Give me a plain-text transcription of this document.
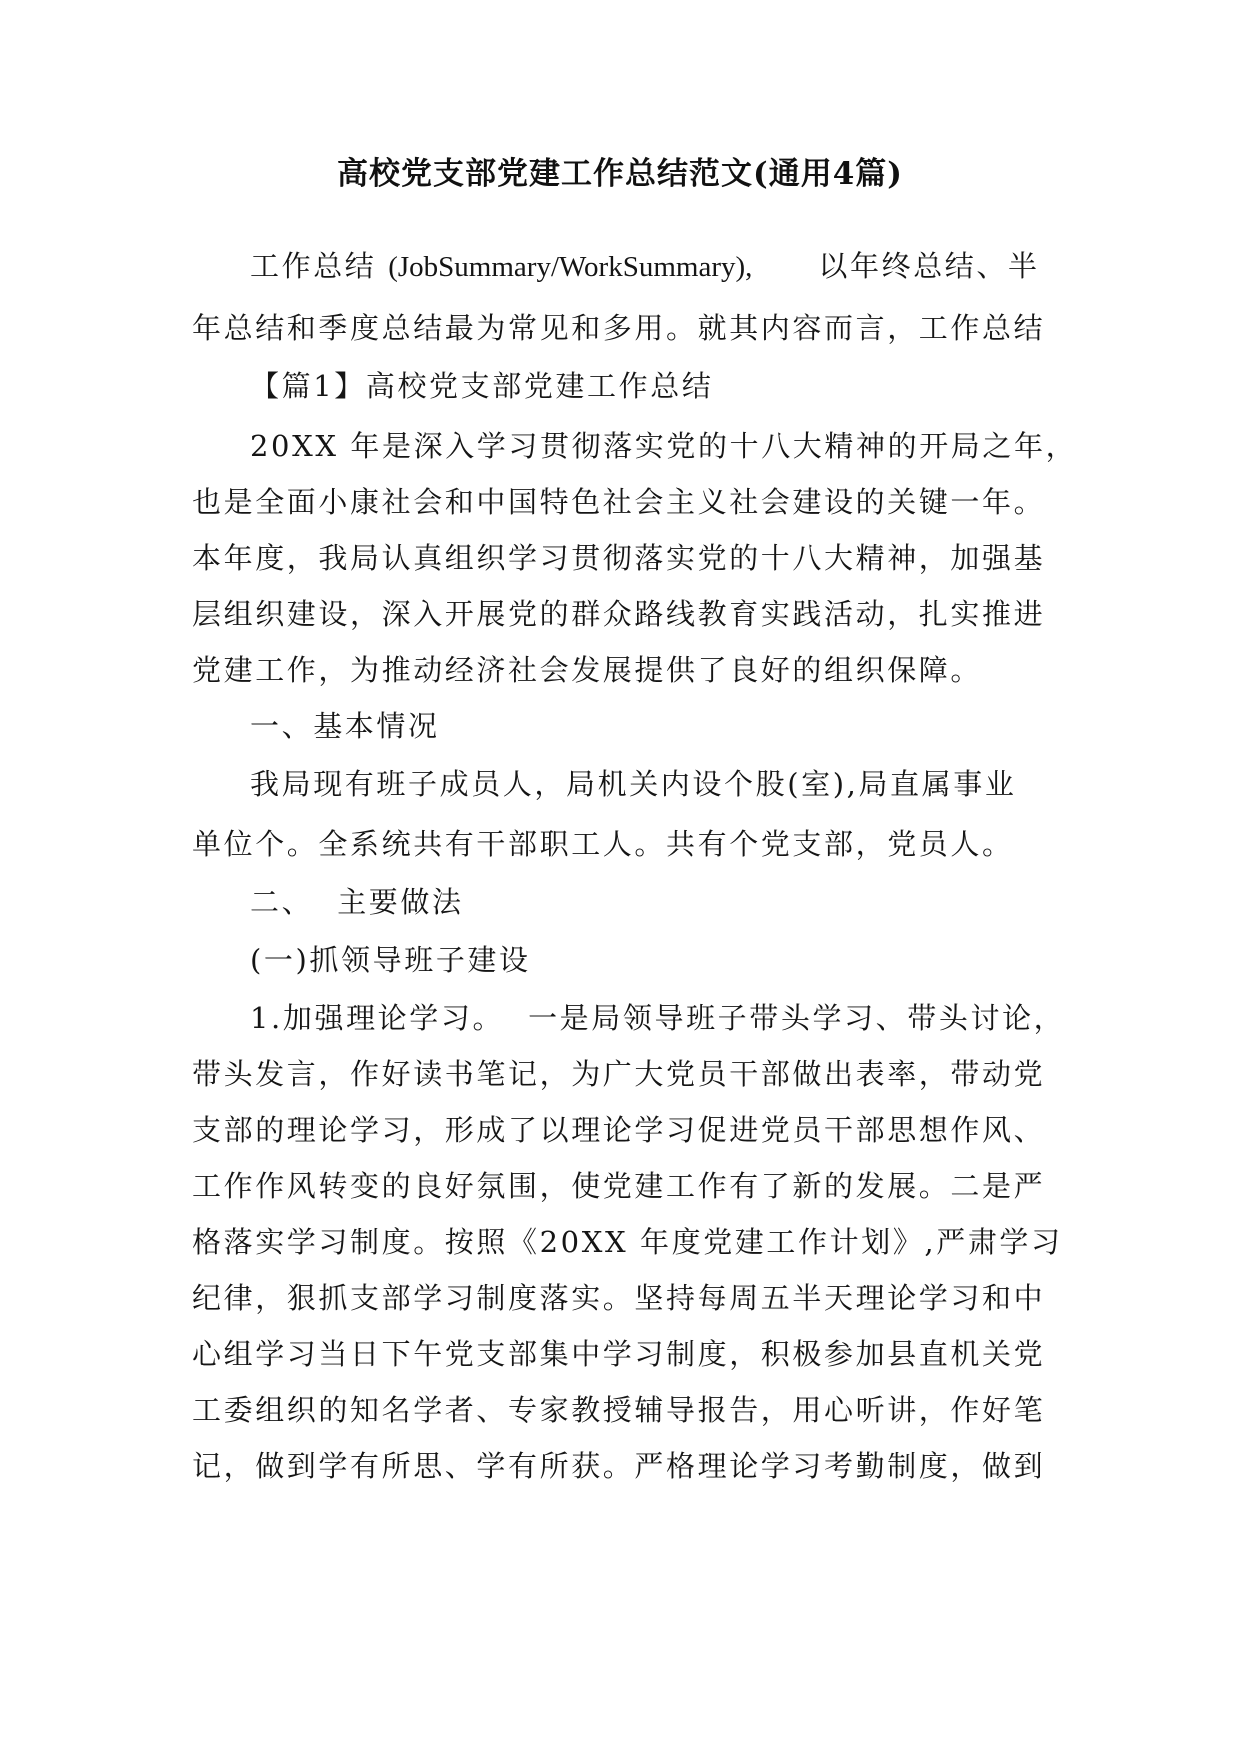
高校党支部党建工作总结范文(通用4篇)
工作总结 (JobSummary/WorkSummary), 以年终总结、半
年总结和季度总结最为常见和多用。就其内容而言，工作总结
【篇1】高校党支部党建工作总结
20XX 年是深入学习贯彻落实党的十八大精神的开局之年，
也是全面小康社会和中国特色社会主义社会建设的关键一年。
本年度，我局认真组织学习贯彻落实党的十八大精神，加强基
层组织建设，深入开展党的群众路线教育实践活动，扎实推进
党建工作，为推动经济社会发展提供了良好的组织保障。
一、基本情况
我局现有班子成员人，局机关内设个股(室),局直属事业
单位个。全系统共有干部职工人。共有个党支部，党员人。
二、 主要做法
(一)抓领导班子建设
1.加强理论学习。 一是局领导班子带头学习、带头讨论，
带头发言，作好读书笔记，为广大党员干部做出表率，带动党
支部的理论学习，形成了以理论学习促进党员干部思想作风、
工作作风转变的良好氛围，使党建工作有了新的发展。二是严
格落实学习制度。按照《20XX 年度党建工作计划》,严肃学习
纪律，狠抓支部学习制度落实。坚持每周五半天理论学习和中
心组学习当日下午党支部集中学习制度，积极参加县直机关党
工委组织的知名学者、专家教授辅导报告，用心听讲，作好笔
记，做到学有所思、学有所获。严格理论学习考勤制度，做到
